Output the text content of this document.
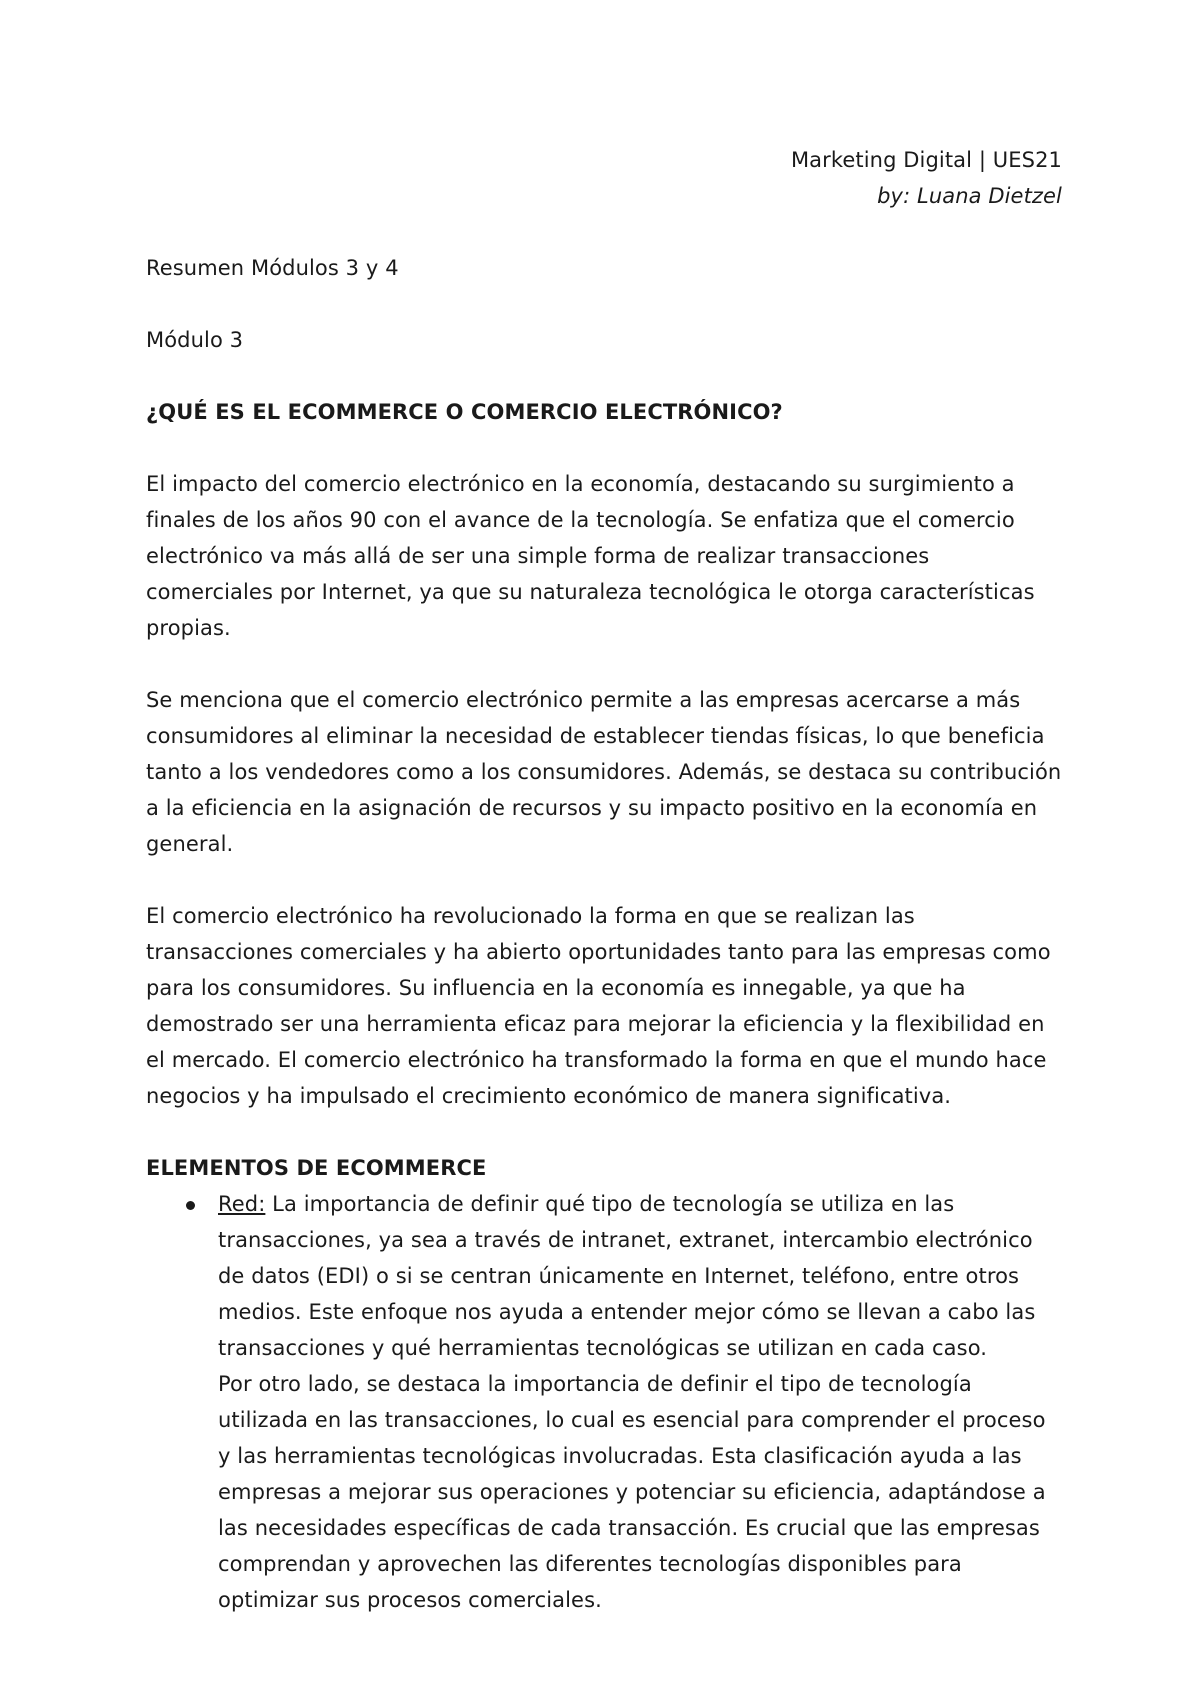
Marketing Digital | UES21
by: Luana Dietzel

Resumen Módulos 3 y 4

Módulo 3

¿QUÉ ES EL ECOMMERCE O COMERCIO ELECTRÓNICO?

El impacto del comercio electrónico en la economía, destacando su surgimiento a finales de los años 90 con el avance de la tecnología. Se enfatiza que el comercio electrónico va más allá de ser una simple forma de realizar transacciones comerciales por Internet, ya que su naturaleza tecnológica le otorga características propias.

Se menciona que el comercio electrónico permite a las empresas acercarse a más consumidores al eliminar la necesidad de establecer tiendas físicas, lo que beneficia tanto a los vendedores como a los consumidores. Además, se destaca su contribución a la eficiencia en la asignación de recursos y su impacto positivo en la economía en general.

El comercio electrónico ha revolucionado la forma en que se realizan las transacciones comerciales y ha abierto oportunidades tanto para las empresas como para los consumidores. Su influencia en la economía es innegable, ya que ha demostrado ser una herramienta eficaz para mejorar la eficiencia y la flexibilidad en el mercado. El comercio electrónico ha transformado la forma en que el mundo hace negocios y ha impulsado el crecimiento económico de manera significativa.

ELEMENTOS DE ECOMMERCE

Red: La importancia de definir qué tipo de tecnología se utiliza en las transacciones, ya sea a través de intranet, extranet, intercambio electrónico de datos (EDI) o si se centran únicamente en Internet, teléfono, entre otros medios. Este enfoque nos ayuda a entender mejor cómo se llevan a cabo las transacciones y qué herramientas tecnológicas se utilizan en cada caso.
Por otro lado, se destaca la importancia de definir el tipo de tecnología utilizada en las transacciones, lo cual es esencial para comprender el proceso y las herramientas tecnológicas involucradas. Esta clasificación ayuda a las empresas a mejorar sus operaciones y potenciar su eficiencia, adaptándose a las necesidades específicas de cada transacción. Es crucial que las empresas comprendan y aprovechen las diferentes tecnologías disponibles para optimizar sus procesos comerciales.
